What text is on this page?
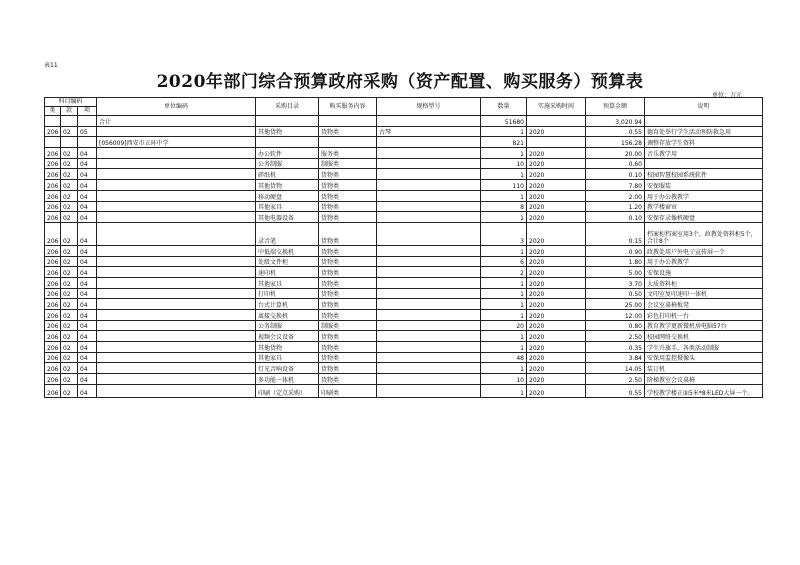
表11
2020年部门综合预算政府采购（资产配置、购买服务）预算表
单位：万元
科目编码			单位编码	采购目录	购买服务内容	规格型号	数量	实施采购时间	预算金额	说明
类	款	项								
			合计				51680		3,020.94	
206	02	05		其他货物	货物类	古琴	1	2020	0.55	德育处举行学生活动预防救急用
			[056009]西安市五环中学				821		156.28	调整存放学生资料
206	02	04		办公软件	服务类		1	2020	20.00	音乐教学用
206	02	04		公务制服	制服类		10	2020	0.60	
206	02	04		碎纸机	货物类		1	2020	0.10	校园智慧校园系统软件
206	02	04		其他货物	货物类		110	2020	7.80	安保服装
206	02	04		移动硬盘	货物类		1	2020	2.00	用于办公教教学
206	02	04		其他家具	货物类		8	2020	1.20	教学楼窗帘
206	02	04		其他电器设备	货物类		1	2020	0.10	安保存录像机硬盘
206	02	04		录音笔	货物类		3	2020	0.15	档案柜档案室用3个，政教处资料柜5个，合计8个
206	02	04		中低端交换机	货物类		1	2020	0.90	政教处用户外电子宣传屏一个
206	02	04		处级文件柜	货物类		6	2020	1.80	用于办公教教学
206	02	04		速印机	货物类		2	2020	5.00	安保设施
206	02	04		其他家具	货物类		1	2020	3.70	大质资料柜
206	02	04		打印机	货物类		1	2020	0.50	文印室复印速印一体机
206	02	04		台式计算机	货物类		1	2020	25.00	会议室桌椅板凳
206	02	04		离接交换机	货物类		1	2020	12.00	彩色打印机一台
206	02	04		公务制服	制服类		20	2020	0.80	教育教学更新微机房电脑57台
206	02	04		视频会议设备	货物类		1	2020	2.50	校园网络交换机
206	02	04		其他货物	货物类		1	2020	0.35	学生升旗手、各类活动制服
206	02	04		其他家具	货物类		48	2020	3.84	安保用监控摄像头
206	02	04		灯光音响设备	货物类		1	2020	14.05	装订机
206	02	04		多功能一体机	货物类		10	2020	2.50	阶梯教室会议桌椅
206	02	04		印刷（定点采购）	印刷类		1	2020	0.55	学校教学楼正面5米*8米LED大屏一个。
